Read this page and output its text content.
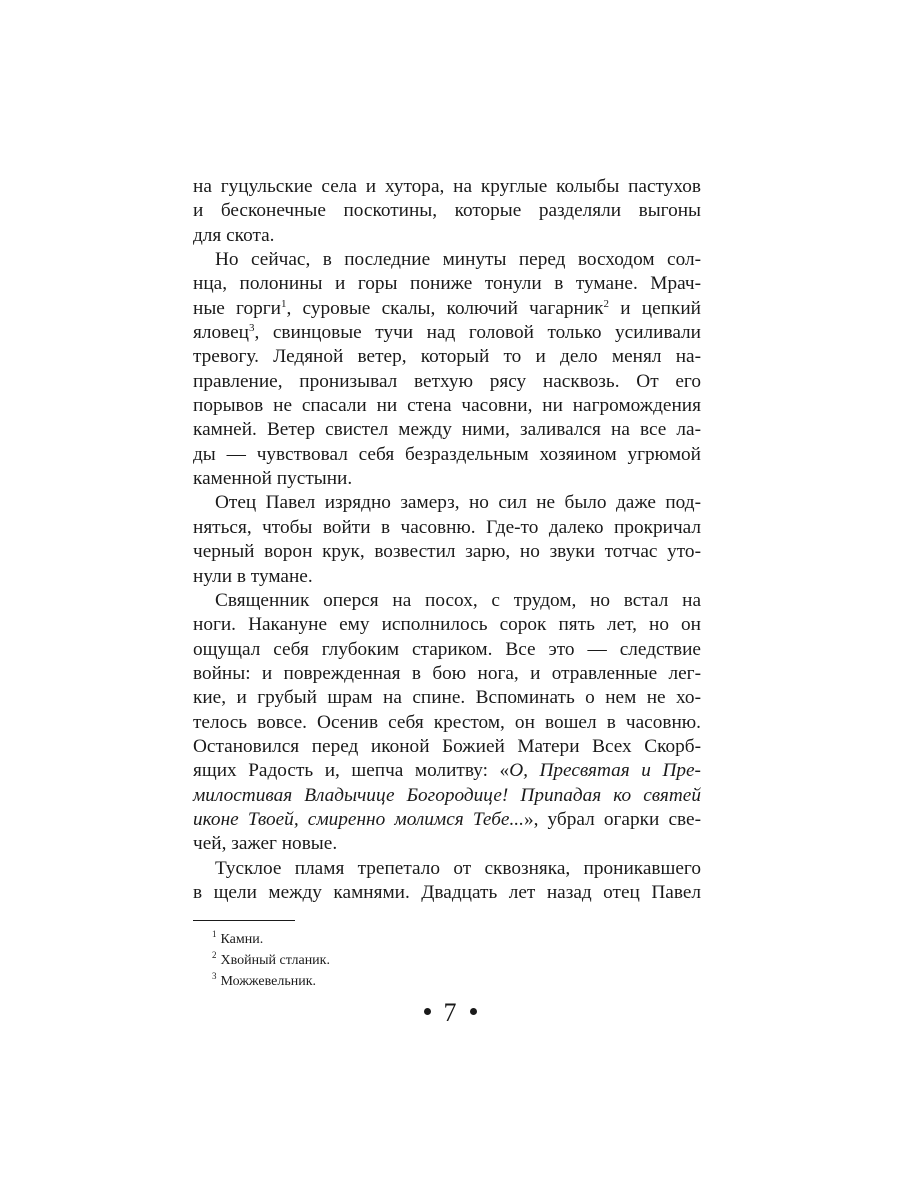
на гуцульские села и хутора, на круглые колыбы пастухов
и бесконечные поскотины, которые разделяли выгоны
для скота.
Но сейчас, в последние минуты перед восходом сол-
нца, полонины и горы пониже тонули в тумане. Мрач-
ные горги$^1$, суровые скалы, колючий чагарник$^2$ и цепкий
яловец$^3$, свинцовые тучи над головой только усиливали
тревогу. Ледяной ветер, который то и дело менял на-
правление, пронизывал ветхую рясу насквозь. От его
порывов не спасали ни стена часовни, ни нагромождения
камней. Ветер свистел между ними, заливался на все ла-
ды — чувствовал себя безраздельным хозяином угрюмой
каменной пустыни.
Отец Павел изрядно замерз, но сил не было даже под-
няться, чтобы войти в часовню. Где-то далеко прокричал
черный ворон крук, возвестил зарю, но звуки тотчас уто-
нули в тумане.
Священник оперся на посох, с трудом, но встал на
ноги. Накануне ему исполнилось сорок пять лет, но он
ощущал себя глубоким стариком. Все это — следствие
войны: и поврежденная в бою нога, и отравленные лег-
кие, и грубый шрам на спине. Вспоминать о нем не хо-
телось вовсе. Осенив себя крестом, он вошел в часовню.
Остановился перед иконой Божией Матери Всех Скорб-
ящих Радость и, шепча молитву: «О, Пресвятая и Пре-
милостивая Владычице Богородице! Припадая ко святей
иконе Твоей, смиренно молимся Тебе...», убрал огарки све-
чей, зажег новые.
Тусклое пламя трепетало от сквозняка, проникавшего
в щели между камнями. Двадцать лет назад отец Павел
$^1$ Камни.
$^2$ Хвойный стланик.
$^3$ Можжевельник.
7
